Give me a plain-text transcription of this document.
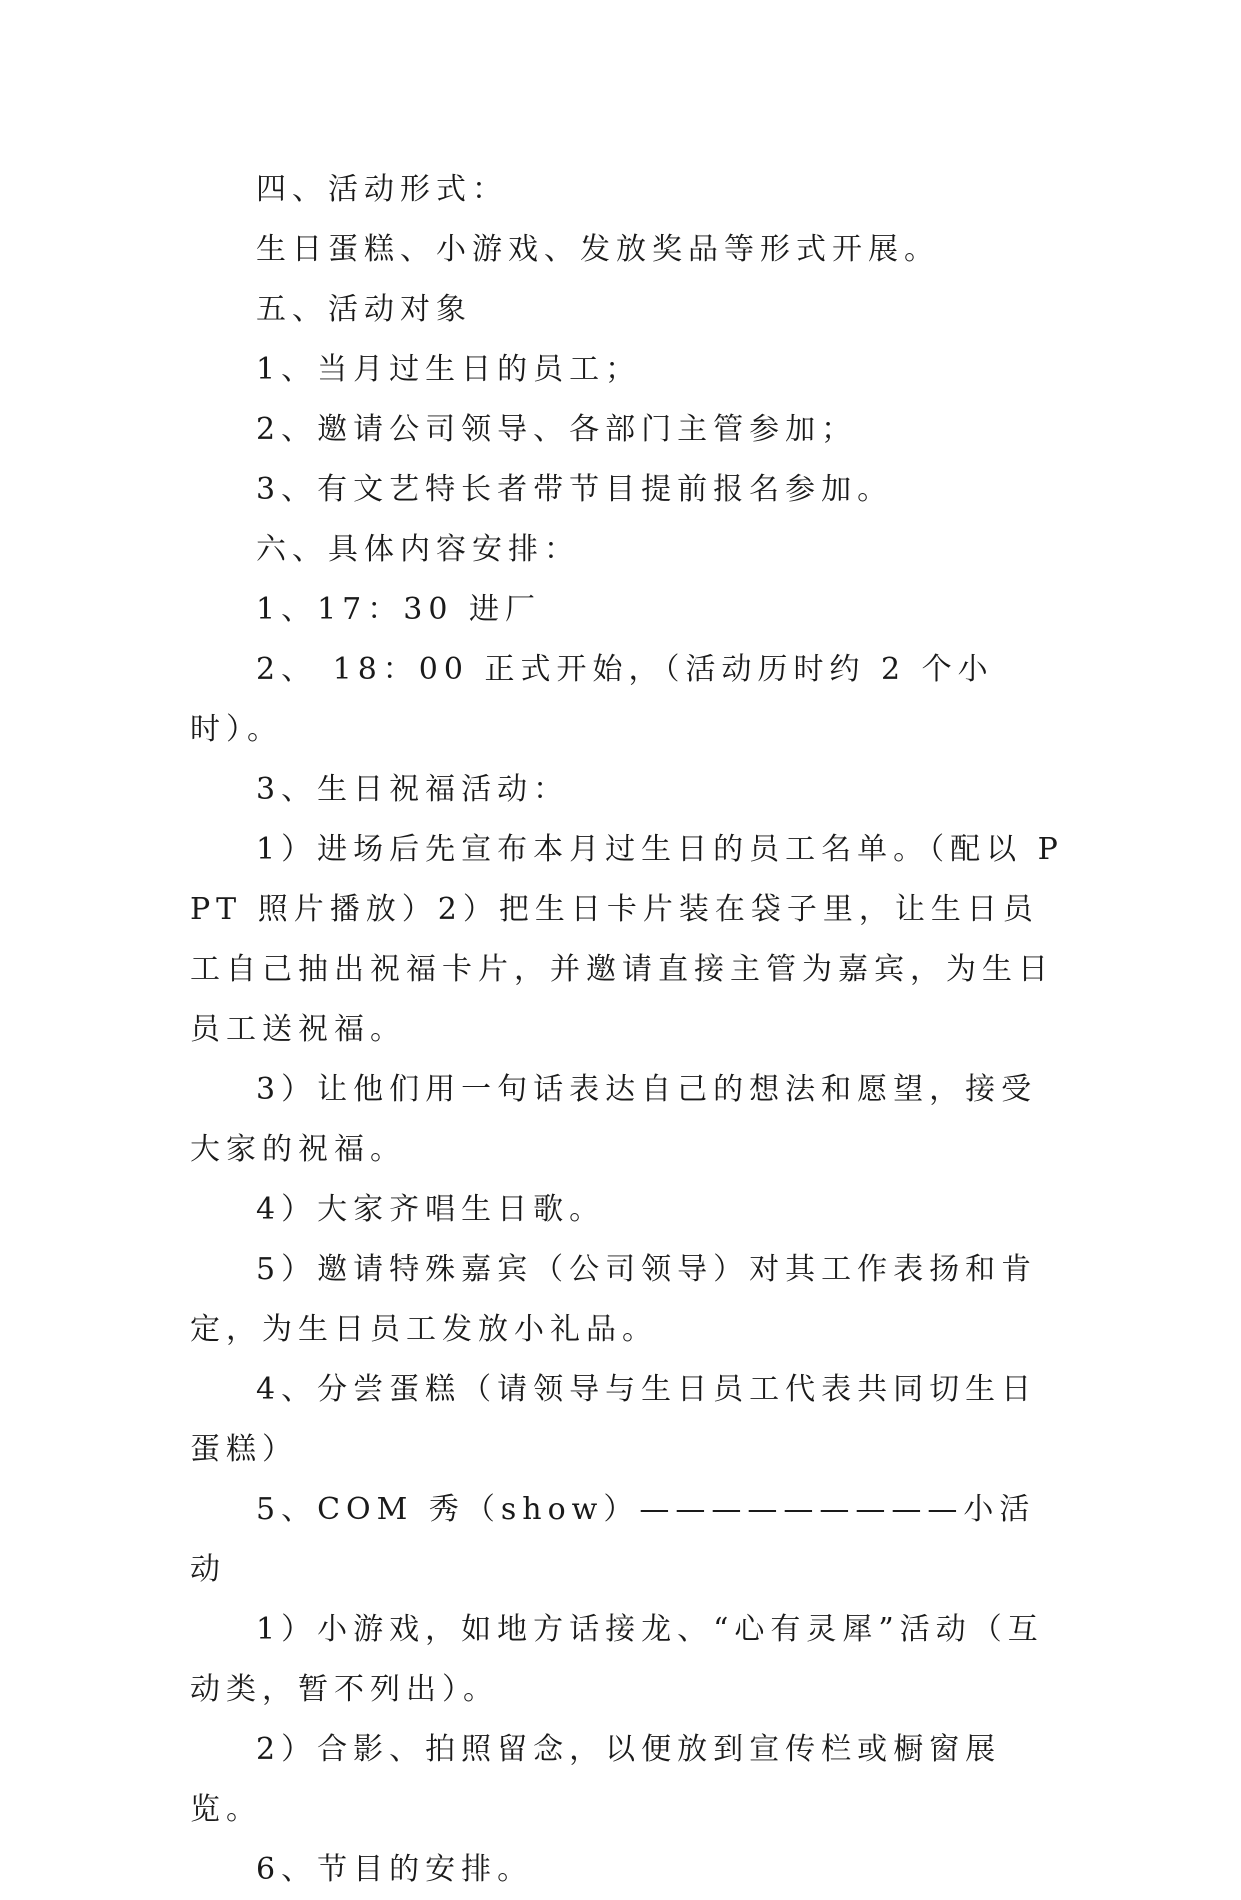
四、活动形式：

生日蛋糕、小游戏、发放奖品等形式开展。

五、活动对象

1、当月过生日的员工；

2、邀请公司领导、各部门主管参加；

3、有文艺特长者带节目提前报名参加。

六、具体内容安排：

1、17：30 进厂

2、 18：00 正式开始，（活动历时约 2 个小时）。

3、生日祝福活动：

1）进场后先宣布本月过生日的员工名单。（配以 PPT 照片播放）2）把生日卡片装在袋子里，让生日员工自己抽出祝福卡片，并邀请直接主管为嘉宾，为生日员工送祝福。

3）让他们用一句话表达自己的想法和愿望，接受大家的祝福。

4）大家齐唱生日歌。

5）邀请特殊嘉宾（公司领导）对其工作表扬和肯定，为生日员工发放小礼品。

4、分尝蛋糕（请领导与生日员工代表共同切生日蛋糕）

5、COM 秀（show）—————————小活动

1）小游戏，如地方话接龙、“心有灵犀”活动（互动类，暂不列出）。

2）合影、拍照留念，以便放到宣传栏或橱窗展览。

6、节目的安排。
